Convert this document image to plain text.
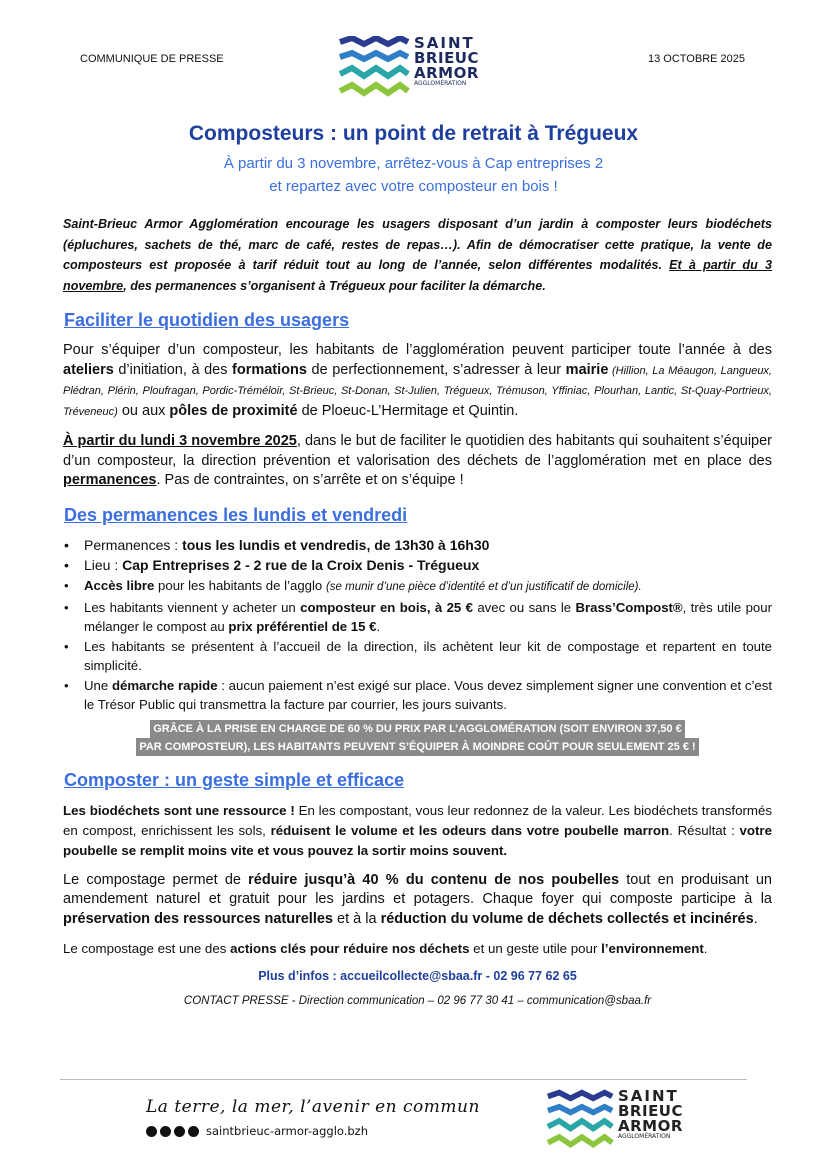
COMMUNIQUE DE PRESSE	13 OCTOBRE 2025
SAINT
BRIEUC
ARMOR
AGGLOMÉRATION
Composteurs : un point de retrait à Trégueux
À partir du 3 novembre, arrêtez-vous à Cap entreprises 2
et repartez avec votre composteur en bois !

Saint-Brieuc Armor Agglomération encourage les usagers disposant d’un jardin à composter leurs biodéchets (épluchures, sachets de thé, marc de café, restes de repas…). Afin de démocratiser cette pratique, la vente de composteurs est proposée à tarif réduit tout au long de l’année, selon différentes modalités. Et à partir du 3 novembre, des permanences s’organisent à Trégueux pour faciliter la démarche.

Faciliter le quotidien des usagers

Pour s’équiper d’un composteur, les habitants de l’agglomération peuvent participer toute l’année à des ateliers d’initiation, à des formations de perfectionnement, s’adresser à leur mairie (Hillion, La Méaugon, Langueux, Plédran, Plérin, Ploufragan, Pordic-Tréméloir, St-Brieuc, St-Donan, St-Julien, Trégueux, Trémuson, Yffiniac, Plourhan, Lantic, St-Quay-Portrieux, Tréveneuc) ou aux pôles de proximité de Ploeuc-L’Hermitage et Quintin.

À partir du lundi 3 novembre 2025, dans le but de faciliter le quotidien des habitants qui souhaitent s’équiper d’un composteur, la direction prévention et valorisation des déchets de l’agglomération met en place des permanences. Pas de contraintes, on s’arrête et on s’équipe !

Des permanences les lundis et vendredi
• Permanences : tous les lundis et vendredis, de 13h30 à 16h30
• Lieu : Cap Entreprises 2 - 2 rue de la Croix Denis - Trégueux
• Accès libre pour les habitants de l’agglo (se munir d’une pièce d’identité et d’un justificatif de domicile).
• Les habitants viennent y acheter un composteur en bois, à 25 € avec ou sans le Brass’Compost®, très utile pour mélanger le compost au prix préférentiel de 15 €.
• Les habitants se présentent à l’accueil de la direction, ils achètent leur kit de compostage et repartent en toute simplicité.
• Une démarche rapide : aucun paiement n’est exigé sur place. Vous devez simplement signer une convention et c’est le Trésor Public qui transmettra la facture par courrier, les jours suivants.
GRÂCE À LA PRISE EN CHARGE DE 60 % DU PRIX PAR L’AGGLOMÉRATION (SOIT ENVIRON 37,50 €
PAR COMPOSTEUR), LES HABITANTS PEUVENT S’ÉQUIPER À MOINDRE COÛT POUR SEULEMENT 25 € !
Composter : un geste simple et efficace

Les biodéchets sont une ressource ! En les compostant, vous leur redonnez de la valeur. Les biodéchets transformés en compost, enrichissent les sols, réduisent le volume et les odeurs dans votre poubelle marron. Résultat : votre poubelle se remplit moins vite et vous pouvez la sortir moins souvent.

Le compostage permet de réduire jusqu’à 40 % du contenu de nos poubelles tout en produisant un amendement naturel et gratuit pour les jardins et potagers. Chaque foyer qui composte participe à la préservation des ressources naturelles et à la réduction du volume de déchets collectés et incinérés.

Le compostage est une des actions clés pour réduire nos déchets et un geste utile pour l’environnement.

Plus d’infos : accueilcollecte@sbaa.fr - 02 96 77 62 65
CONTACT PRESSE - Direction communication – 02 96 77 30 41 – communication@sbaa.fr
La terre, la mer, l’avenir en commun
saintbrieuc-armor-agglo.bzh
SAINT
BRIEUC
ARMOR
AGGLOMÉRATION
